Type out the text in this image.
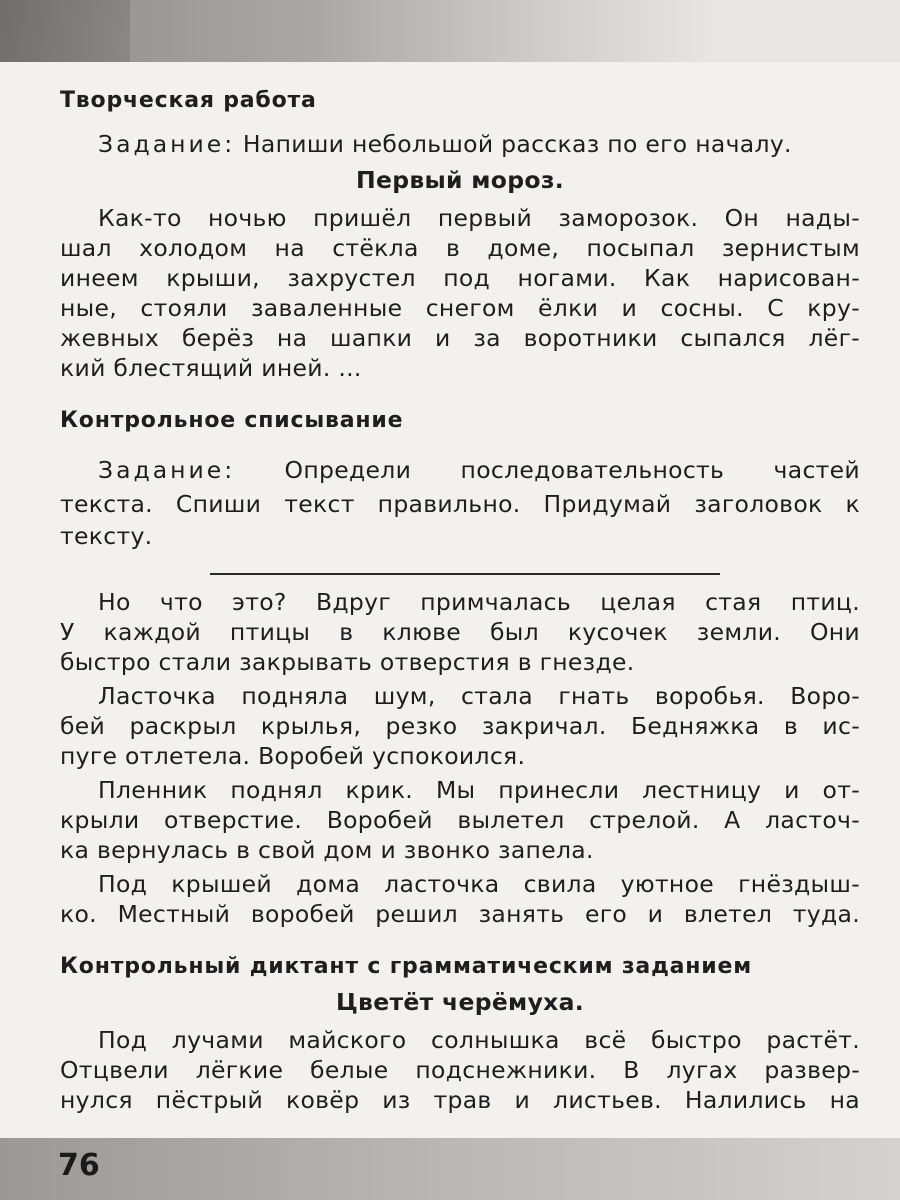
Творческая работа
Задание: Напиши небольшой рассказ по его началу.
Первый мороз.
Как-то ночью пришёл первый заморозок. Он нады-
шал холодом на стёкла в доме, посыпал зернистым
инеем крыши, захрустел под ногами. Как нарисован-
ные, стояли заваленные снегом ёлки и сосны. С кру-
жевных берёз на шапки и за воротники сыпался лёг-
кий блестящий иней. ...
Контрольное списывание
Задание: Определи последовательность частей
текста. Спиши текст правильно. Придумай заголовок к
тексту.
Но что это? Вдруг примчалась целая стая птиц.
У каждой птицы в клюве был кусочек земли. Они
быстро стали закрывать отверстия в гнезде.
Ласточка подняла шум, стала гнать воробья. Воро-
бей раскрыл крылья, резко закричал. Бедняжка в ис-
пуге отлетела. Воробей успокоился.
Пленник поднял крик. Мы принесли лестницу и от-
крыли отверстие. Воробей вылетел стрелой. А ласточ-
ка вернулась в свой дом и звонко запела.
Под крышей дома ласточка свила уютное гнёздыш-
ко. Местный воробей решил занять его и влетел туда.
Контрольный диктант с грамматическим заданием
Цветёт черёмуха.
Под лучами майского солнышка всё быстро растёт.
Отцвели лёгкие белые подснежники. В лугах развер-
нулся пёстрый ковёр из трав и листьев. Налились на
76
